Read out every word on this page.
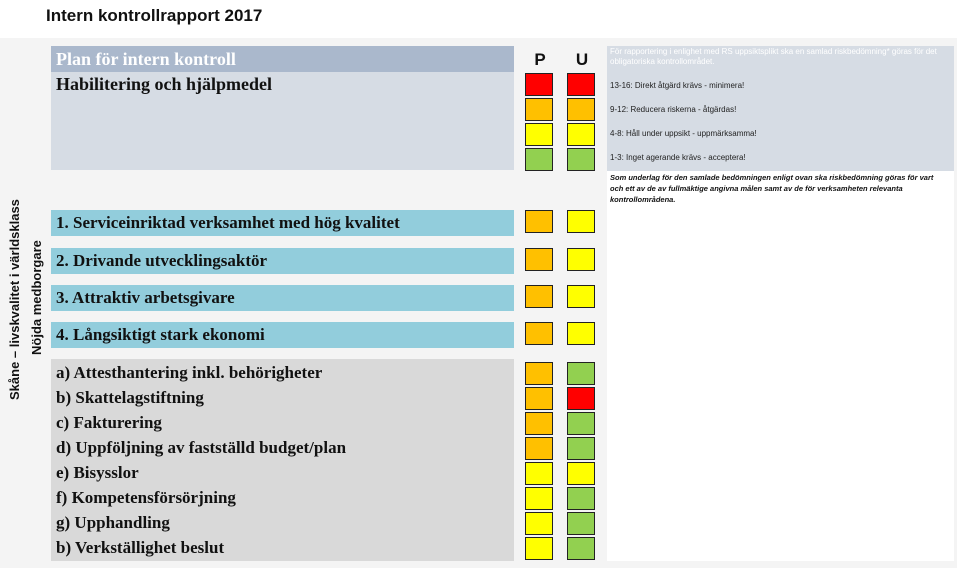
Intern kontrollrapport 2017
Skåne – livskvalitet i världsklass Nöjda medborgare
Plan för intern kontroll
Habilitering och hjälpmedel
P	U	För rapportering i enlighet med RS uppsiktsplikt ska en samlad riskbedömning* göras för det obligatoriska kontrollområdet.
13-16: Direkt åtgärd krävs - minimera!
9-12: Reducera riskerna - åtgärdas!
4-8: Håll under uppsikt - uppmärksamma!
1-3: Inget agerande krävs - acceptera!
Som underlag för den samlade bedömningen enligt ovan ska riskbedömning göras för vart och ett av de av fullmäktige angivna målen samt av de för verksamheten relevanta kontrollområdena.
1. Serviceinriktad verksamhet med hög kvalitet
2. Drivande utvecklingsaktör
3. Attraktiv arbetsgivare
4. Långsiktigt stark ekonomi
a) Attesthantering inkl. behörigheter
b) Skattelagstiftning
c) Fakturering
d) Uppföljning av fastställd budget/plan
e) Bisysslor
f) Kompetensförsörjning
g) Upphandling
b) Verkställighet beslut
